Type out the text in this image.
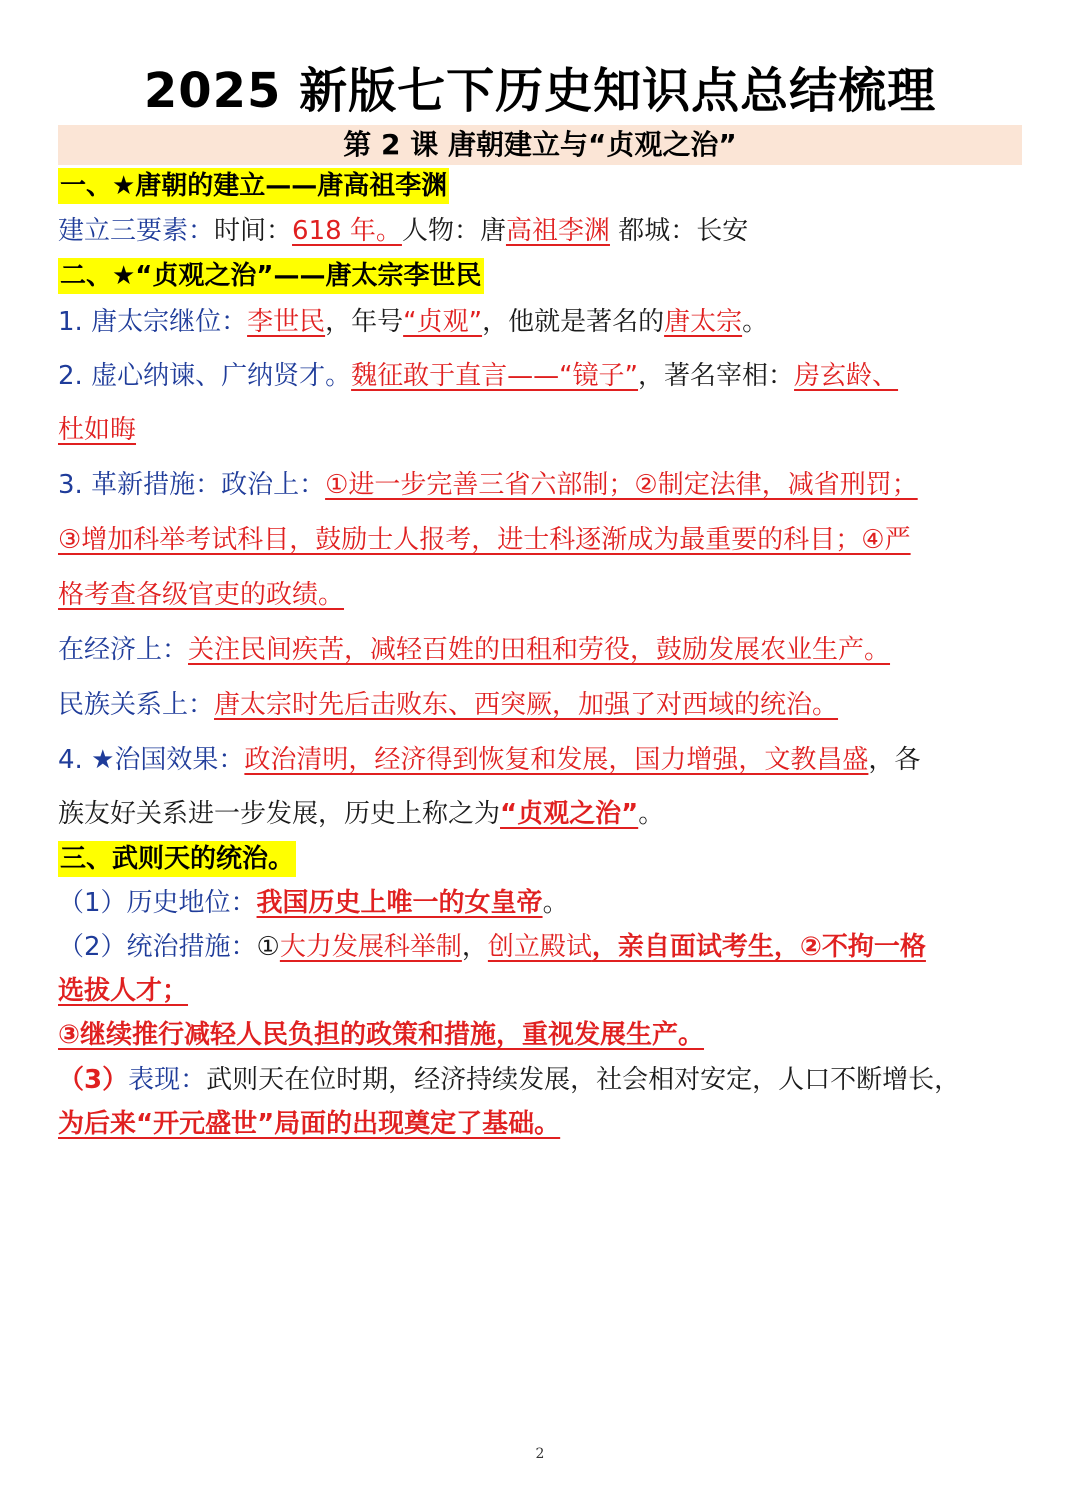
2025 新版七下历史知识点总结梳理
第 2 课 唐朝建立与“贞观之治”
一、★唐朝的建立——唐高祖李渊
建立三要素：时间：618 年。人物：唐高祖李渊 都城：长安
二、★“贞观之治”——唐太宗李世民
1. 唐太宗继位：李世民，年号“贞观”，他就是著名的唐太宗。
2. 虚心纳谏、广纳贤才。魏征敢于直言——“镜子”，著名宰相：房玄龄、
杜如晦
3. 革新措施：政治上：①进一步完善三省六部制；②制定法律，减省刑罚；
③增加科举考试科目，鼓励士人报考，进士科逐渐成为最重要的科目；④严
格考查各级官吏的政绩。
在经济上：关注民间疾苦，减轻百姓的田租和劳役，鼓励发展农业生产。
民族关系上：唐太宗时先后击败东、西突厥，加强了对西域的统治。
4. ★治国效果：政治清明，经济得到恢复和发展，国力增强，文教昌盛，各
族友好关系进一步发展，历史上称之为“贞观之治”。
三、武则天的统治。
（1）历史地位：我国历史上唯一的女皇帝。
（2）统治措施：①大力发展科举制，创立殿试，亲自面试考生，②不拘一格
选拔人才；
③继续推行减轻人民负担的政策和措施，重视发展生产。
（3）表现：武则天在位时期，经济持续发展，社会相对安定，人口不断增长，
为后来“开元盛世”局面的出现奠定了基础。
2
